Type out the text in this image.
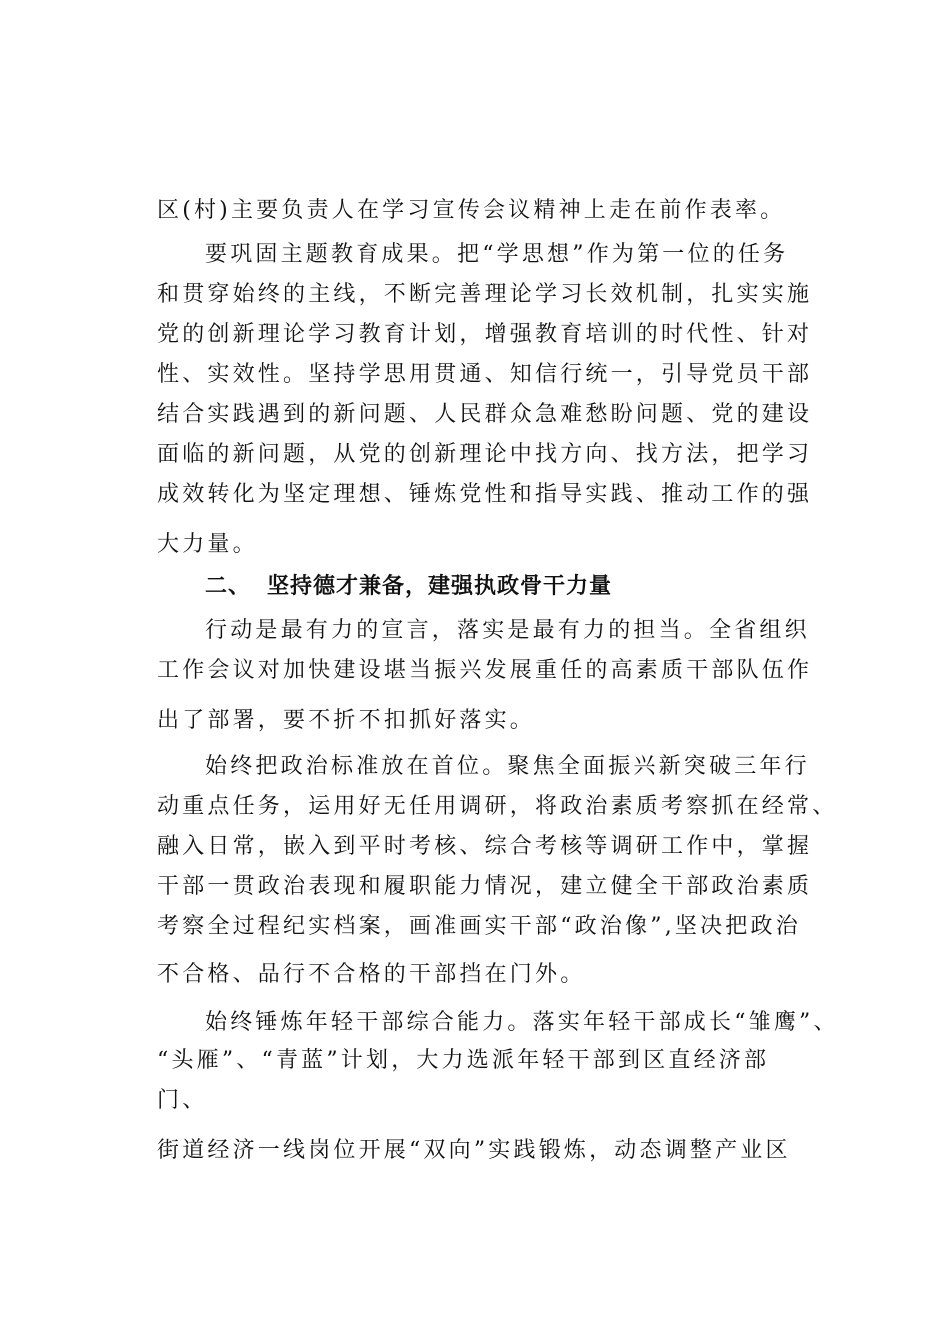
区(村)主要负责人在学习宣传会议精神上走在前作表率。
要巩固主题教育成果。把“学思想”作为第一位的任务
和贯穿始终的主线，不断完善理论学习长效机制，扎实实施
党的创新理论学习教育计划，增强教育培训的时代性、针对
性、实效性。坚持学思用贯通、知信行统一，引导党员干部
结合实践遇到的新问题、人民群众急难愁盼问题、党的建设
面临的新问题，从党的创新理论中找方向、找方法，把学习
成效转化为坚定理想、锤炼党性和指导实践、推动工作的强
大力量。
二、 坚持德才兼备，建强执政骨干力量
行动是最有力的宣言，落实是最有力的担当。全省组织
工作会议对加快建设堪当振兴发展重任的高素质干部队伍作
出了部署，要不折不扣抓好落实。
始终把政治标准放在首位。聚焦全面振兴新突破三年行
动重点任务，运用好无任用调研，将政治素质考察抓在经常、
融入日常，嵌入到平时考核、综合考核等调研工作中，掌握
干部一贯政治表现和履职能力情况，建立健全干部政治素质
考察全过程纪实档案，画准画实干部“政治像”,坚决把政治
不合格、品行不合格的干部挡在门外。
始终锤炼年轻干部综合能力。落实年轻干部成长“雏鹰”、
“头雁”、“青蓝”计划，大力选派年轻干部到区直经济部
门、
街道经济一线岗位开展“双向”实践锻炼，动态调整产业区
